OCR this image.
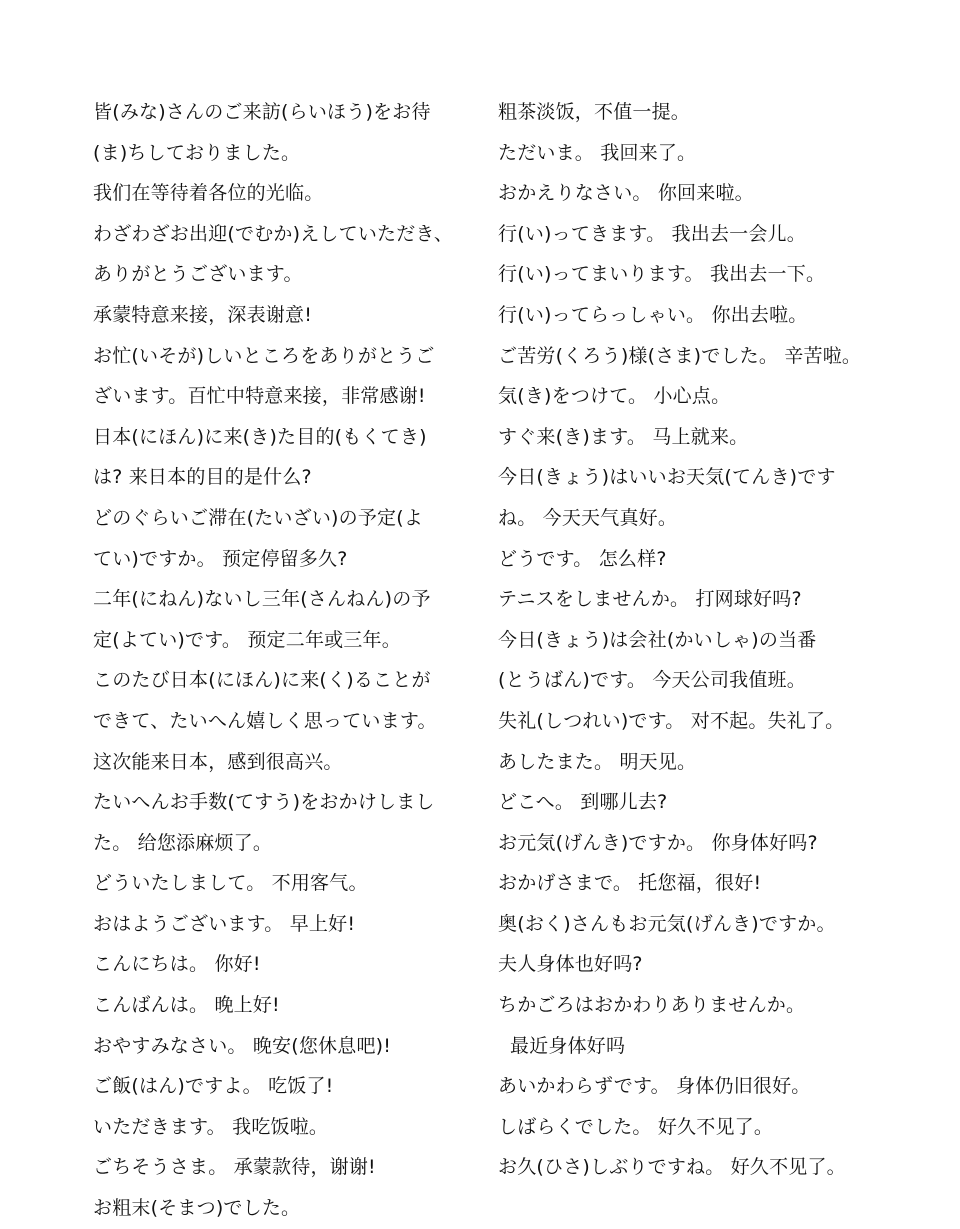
皆(みな)さんのご来訪(らいほう)をお待
(ま)ちしておりました。
我们在等待着各位的光临。
わざわざお出迎(でむか)えしていただき、
ありがとうございます。
承蒙特意来接，深表谢意!
お忙(いそが)しいところをありがとうご
ざいます。百忙中特意来接，非常感谢!
日本(にほん)に来(き)た目的(もくてき)
は? 来日本的目的是什么?
どのぐらいご滞在(たいざい)の予定(よ
てい)ですか。 预定停留多久?
二年(にねん)ないし三年(さんねん)の予
定(よてい)です。 预定二年或三年。
このたび日本(にほん)に来(く)ることが
できて、たいへん嬉しく思っています。
这次能来日本，感到很高兴。
たいへんお手数(てすう)をおかけしまし
た。 给您添麻烦了。
どういたしまして。 不用客气。
おはようございます。 早上好!
こんにちは。 你好!
こんばんは。 晚上好!
おやすみなさい。 晚安(您休息吧)!
ご飯(はん)ですよ。 吃饭了!
いただきます。 我吃饭啦。
ごちそうさま。 承蒙款待，谢谢!
お粗末(そまつ)でした。
粗茶淡饭，不值一提。
ただいま。 我回来了。
おかえりなさい。 你回来啦。
行(い)ってきます。 我出去一会儿。
行(い)ってまいります。 我出去一下。
行(い)ってらっしゃい。 你出去啦。
ご苦労(くろう)様(さま)でした。 辛苦啦。
気(き)をつけて。 小心点。
すぐ来(き)ます。 马上就来。
今日(きょう)はいいお天気(てんき)です
ね。 今天天气真好。
どうです。 怎么样?
テニスをしませんか。 打网球好吗?
今日(きょう)は会社(かいしゃ)の当番
(とうばん)です。 今天公司我值班。
失礼(しつれい)です。 对不起。失礼了。
あしたまた。 明天见。
どこへ。 到哪儿去?
お元気(げんき)ですか。 你身体好吗?
おかげさまで。 托您福，很好!
奥(おく)さんもお元気(げんき)ですか。
夫人身体也好吗?
ちかごろはおかわりありませんか。
最近身体好吗
あいかわらずです。 身体仍旧很好。
しばらくでした。 好久不见了。
お久(ひさ)しぶりですね。 好久不见了。
